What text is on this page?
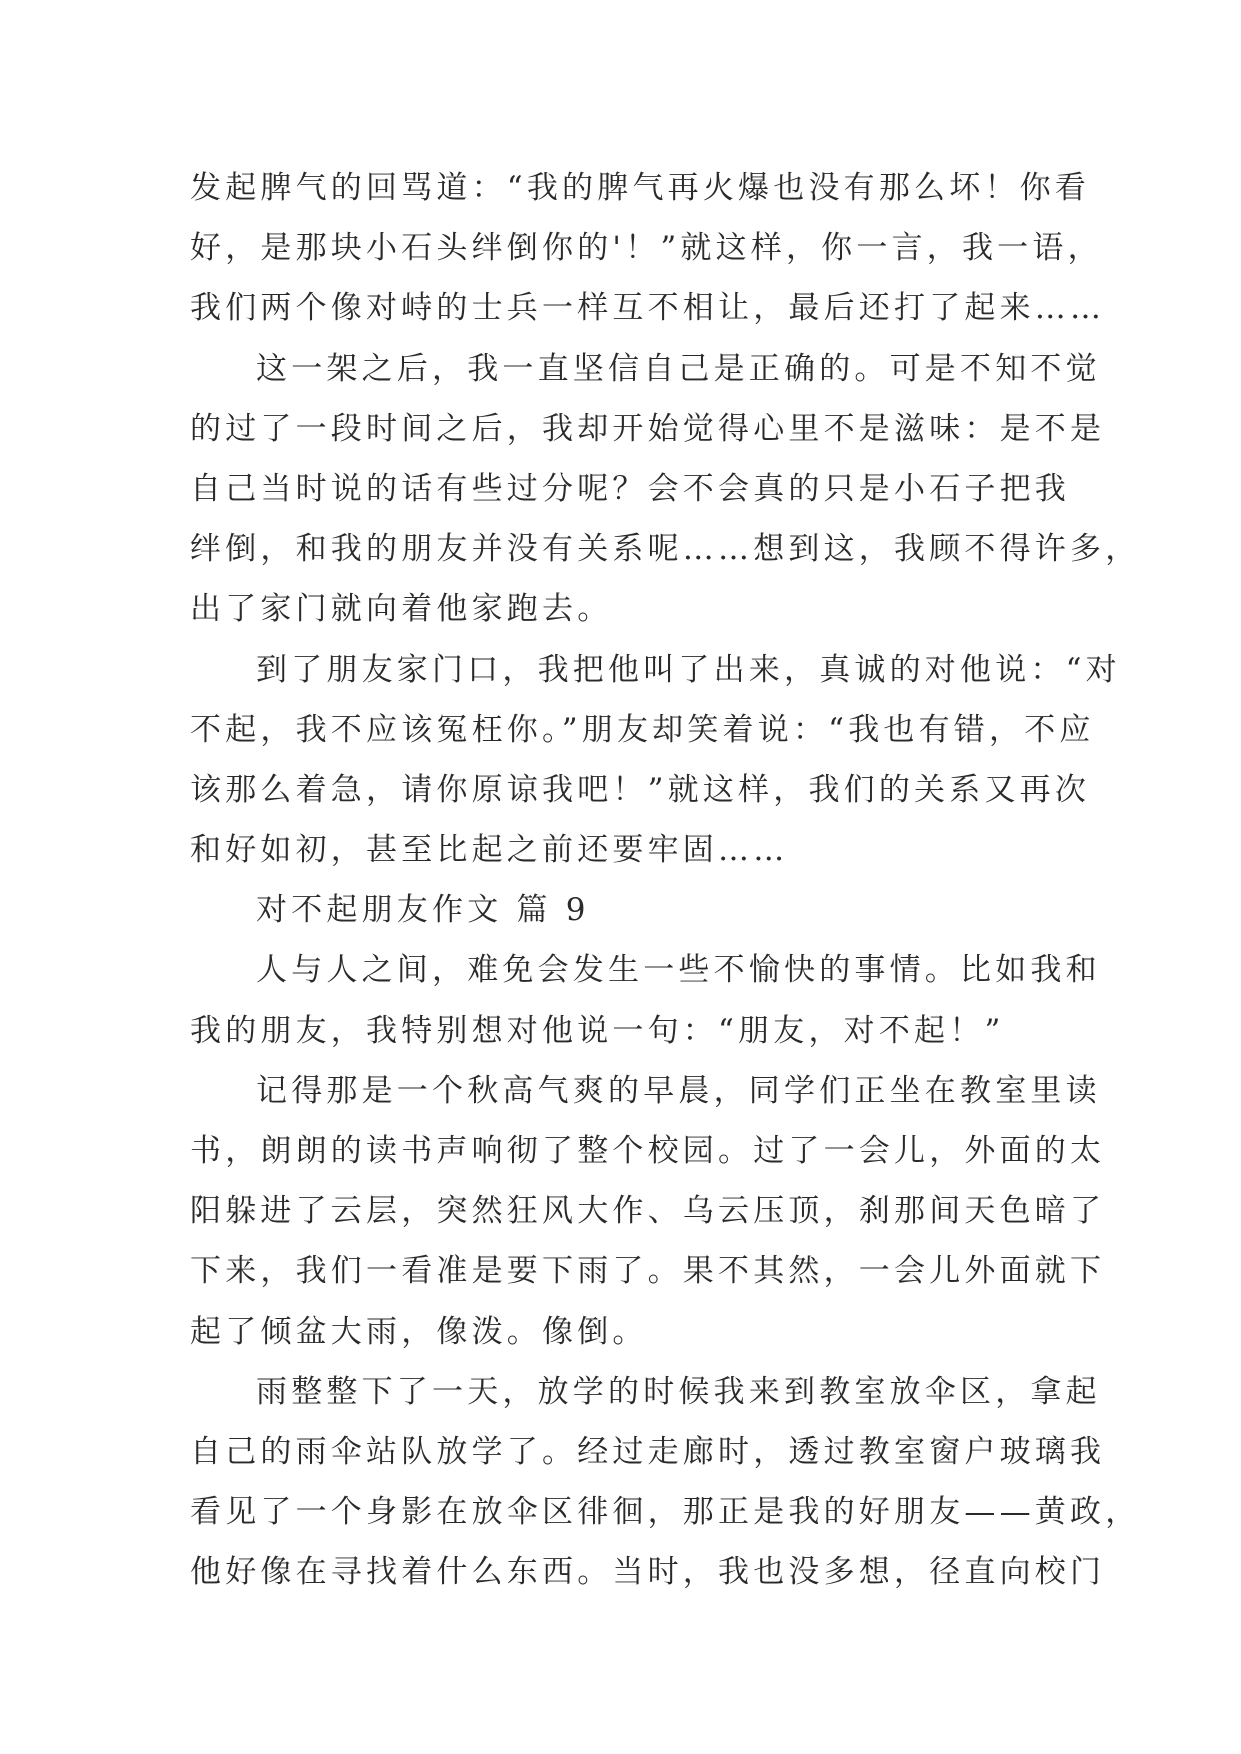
发起脾气的回骂道：“我的脾气再火爆也没有那么坏！你看
好，是那块小石头绊倒你的'！”就这样，你一言，我一语，
我们两个像对峙的士兵一样互不相让，最后还打了起来……
这一架之后，我一直坚信自己是正确的。可是不知不觉
的过了一段时间之后，我却开始觉得心里不是滋味：是不是
自己当时说的话有些过分呢？会不会真的只是小石子把我
绊倒，和我的朋友并没有关系呢……想到这，我顾不得许多，
出了家门就向着他家跑去。
到了朋友家门口，我把他叫了出来，真诚的对他说：“对
不起，我不应该冤枉你。”朋友却笑着说：“我也有错，不应
该那么着急，请你原谅我吧！”就这样，我们的关系又再次
和好如初，甚至比起之前还要牢固……
对不起朋友作文 篇 9
人与人之间，难免会发生一些不愉快的事情。比如我和
我的朋友，我特别想对他说一句：“朋友，对不起！”
记得那是一个秋高气爽的早晨，同学们正坐在教室里读
书，朗朗的读书声响彻了整个校园。过了一会儿，外面的太
阳躲进了云层，突然狂风大作、乌云压顶，刹那间天色暗了
下来，我们一看准是要下雨了。果不其然，一会儿外面就下
起了倾盆大雨，像泼。像倒。
雨整整下了一天，放学的时候我来到教室放伞区，拿起
自己的雨伞站队放学了。经过走廊时，透过教室窗户玻璃我
看见了一个身影在放伞区徘徊，那正是我的好朋友——黄政，
他好像在寻找着什么东西。当时，我也没多想，径直向校门
